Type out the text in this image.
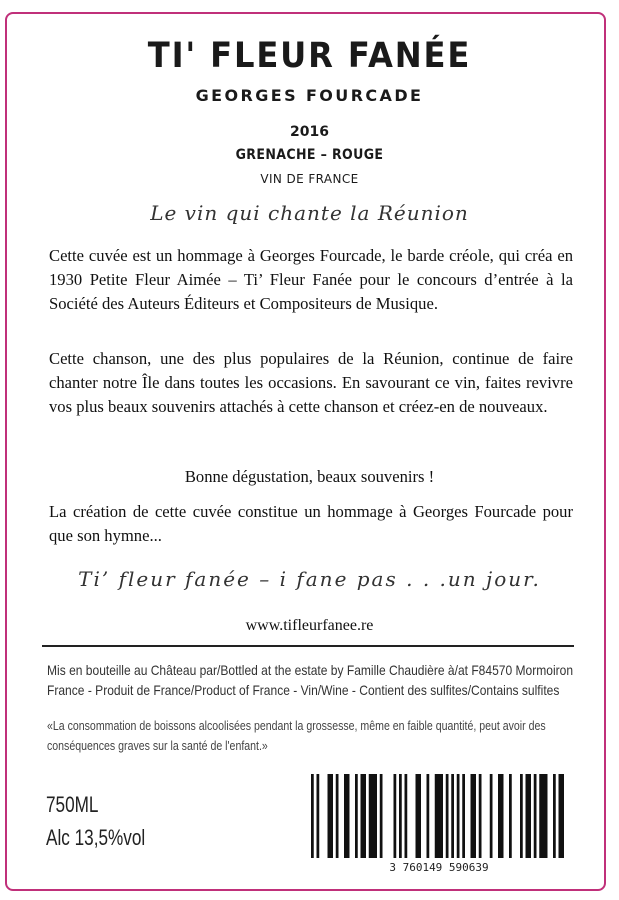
TI' FLEUR FANÉE
GEORGES FOURCADE
2016
GRENACHE – ROUGE
VIN DE FRANCE
Le vin qui chante la Réunion

Cette cuvée est un hommage à Georges Fourcade, le barde créole, qui créa en 1930 Petite Fleur Aimée – Ti’ Fleur Fanée pour le concours d’entrée à la Société des Auteurs Éditeurs et Compositeurs de Musique.

Cette chanson, une des plus populaires de la Réunion, continue de faire chanter notre Île dans toutes les occasions. En savourant ce vin, faites revivre vos plus beaux souvenirs attachés à cette chanson et créez-en de nouveaux.

Bonne dégustation, beaux souvenirs !

La création de cette cuvée constitue un hommage à Georges Fourcade pour que son hymne...

Ti’ fleur fanée – i fane pas . . .un jour.
www.tifleurfanee.re

Mis en bouteille au Château par/Bottled at the estate by Famille Chaudière à/at F84570 Mormoiron France - Produit de France/Product of France - Vin/Wine - Contient des sulfites/Contains sulfites

«La consommation de boissons alcoolisées pendant la grossesse, même en faible quantité, peut avoir des conséquences graves sur la santé de l'enfant.»

750ML
Alc 13,5%vol
3 760149 590639
